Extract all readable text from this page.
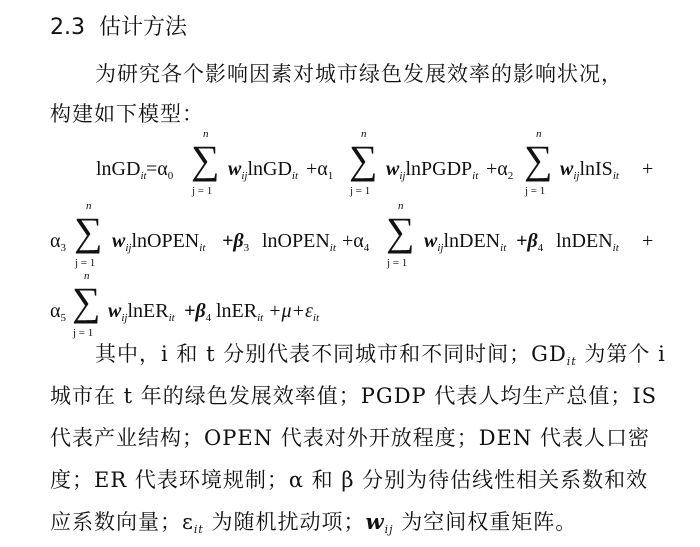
2.3 估计方法
为研究各个影响因素对城市绿色发展效率的影响状况，
构建如下模型：
lnGD$_{it}$ $=\alpha_0$
n
∑
j = 1
$w_{ij}lnGD_{it} +\alpha_1$
n
∑
j = 1
$w_{ij}lnPGDP_{it} +\alpha_2$
n
∑
j = 1
$w_{ij}lnIS_{it}$ +
$\alpha_3$
n
∑
j = 1
$w_{ij}lnOPEN_{it} +\beta_3$ lnOPEN$_{it}$ $+\alpha_4$
n
∑
j = 1
$w_{ij}lnDEN_{it} +\beta_4$ lnDEN$_{it}$ +
$\alpha_5$
n
∑
j = 1
$w_{ij}lnER_{it} +\beta_4$ lnER$_{it}$ $+\mu+\varepsilon_{it}$
其中，i 和 t 分别代表不同城市和不同时间；$GD_{it}$ 为第个 i
城市在 t 年的绿色发展效率值；PGDP 代表人均生产总值；IS
代表产业结构；OPEN 代表对外开放程度；DEN 代表人口密
度；ER 代表环境规制；α 和 β 分别为待估线性相关系数和效
应系数向量；$\varepsilon_{it}$ 为随机扰动项；$w_{ij}$ 为空间权重矩阵。
